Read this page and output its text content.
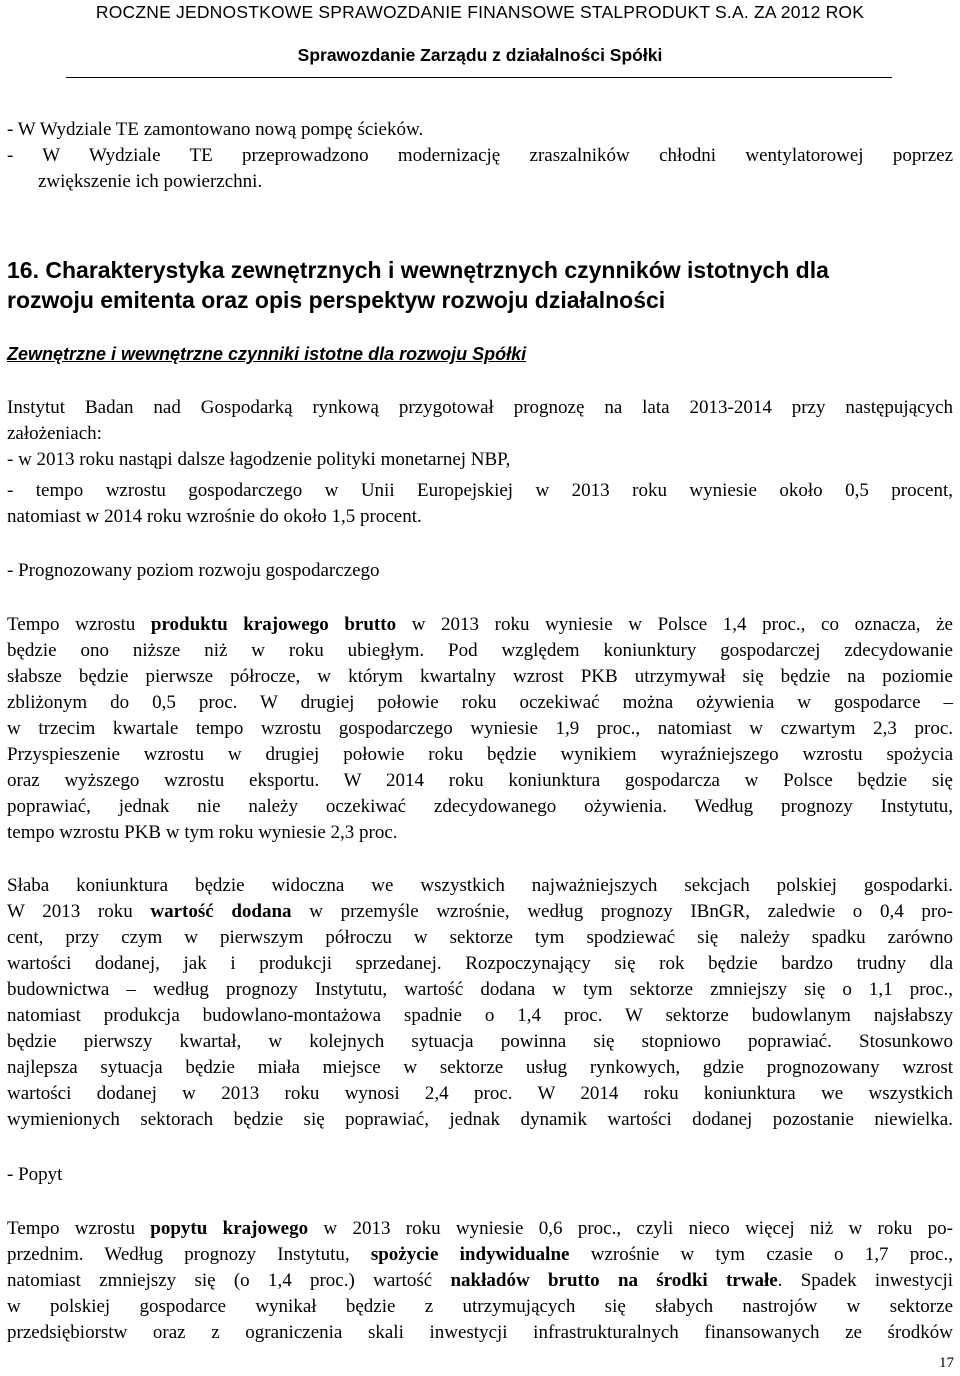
ROCZNE JEDNOSTKOWE SPRAWOZDANIE FINANSOWE STALPRODUKT S.A. ZA 2012 ROK
Sprawozdanie Zarządu z działalności Spółki
- W Wydziale TE zamontowano nową pompę ścieków.
- W Wydziale TE przeprowadzono modernizację zraszalników chłodni wentylatorowej poprzez
zwiększenie ich powierzchni.
16. Charakterystyka zewnętrznych i wewnętrznych czynników istotnych dla
rozwoju emitenta oraz opis perspektyw rozwoju działalności
Zewnętrzne i wewnętrzne czynniki istotne dla rozwoju Spółki
Instytut Badan nad Gospodarką rynkową przygotował prognozę na lata 2013-2014 przy następujących
założeniach:
- w 2013 roku nastąpi dalsze łagodzenie polityki monetarnej NBP,
- tempo wzrostu gospodarczego w Unii Europejskiej w 2013 roku wyniesie około 0,5 procent,
natomiast w 2014 roku wzrośnie do około 1,5 procent.
- Prognozowany poziom rozwoju gospodarczego
Tempo wzrostu produktu krajowego brutto w 2013 roku wyniesie w Polsce 1,4 proc., co oznacza, że
będzie ono niższe niż w roku ubiegłym. Pod względem koniunktury gospodarczej zdecydowanie
słabsze będzie pierwsze półrocze, w którym kwartalny wzrost PKB utrzymywał się będzie na poziomie
zbliżonym do 0,5 proc. W drugiej połowie roku oczekiwać można ożywienia w gospodarce –
w trzecim kwartale tempo wzrostu gospodarczego wyniesie 1,9 proc., natomiast w czwartym 2,3 proc.
Przyspieszenie wzrostu w drugiej połowie roku będzie wynikiem wyraźniejszego wzrostu spożycia
oraz wyższego wzrostu eksportu. W 2014 roku koniunktura gospodarcza w Polsce będzie się
poprawiać, jednak nie należy oczekiwać zdecydowanego ożywienia. Według prognozy Instytutu,
tempo wzrostu PKB w tym roku wyniesie 2,3 proc.
Słaba koniunktura będzie widoczna we wszystkich najważniejszych sekcjach polskiej gospodarki.
W 2013 roku wartość dodana w przemyśle wzrośnie, według prognozy IBnGR, zaledwie o 0,4 pro-
cent, przy czym w pierwszym półroczu w sektorze tym spodziewać się należy spadku zarówno
wartości dodanej, jak i produkcji sprzedanej. Rozpoczynający się rok będzie bardzo trudny dla
budownictwa – według prognozy Instytutu, wartość dodana w tym sektorze zmniejszy się o 1,1 proc.,
natomiast produkcja budowlano-montażowa spadnie o 1,4 proc. W sektorze budowlanym najsłabszy
będzie pierwszy kwartał, w kolejnych sytuacja powinna się stopniowo poprawiać. Stosunkowo
najlepsza sytuacja będzie miała miejsce w sektorze usług rynkowych, gdzie prognozowany wzrost
wartości dodanej w 2013 roku wynosi 2,4 proc. W 2014 roku koniunktura we wszystkich
wymienionych sektorach będzie się poprawiać, jednak dynamik wartości dodanej pozostanie niewielka.
- Popyt
Tempo wzrostu popytu krajowego w 2013 roku wyniesie 0,6 proc., czyli nieco więcej niż w roku po-
przednim. Według prognozy Instytutu, spożycie indywidualne wzrośnie w tym czasie o 1,7 proc.,
natomiast zmniejszy się (o 1,4 proc.) wartość nakładów brutto na środki trwałe. Spadek inwestycji
w polskiej gospodarce wynikał będzie z utrzymujących się słabych nastrojów w sektorze
przedsiębiorstw oraz z ograniczenia skali inwestycji infrastrukturalnych finansowanych ze środków
17
